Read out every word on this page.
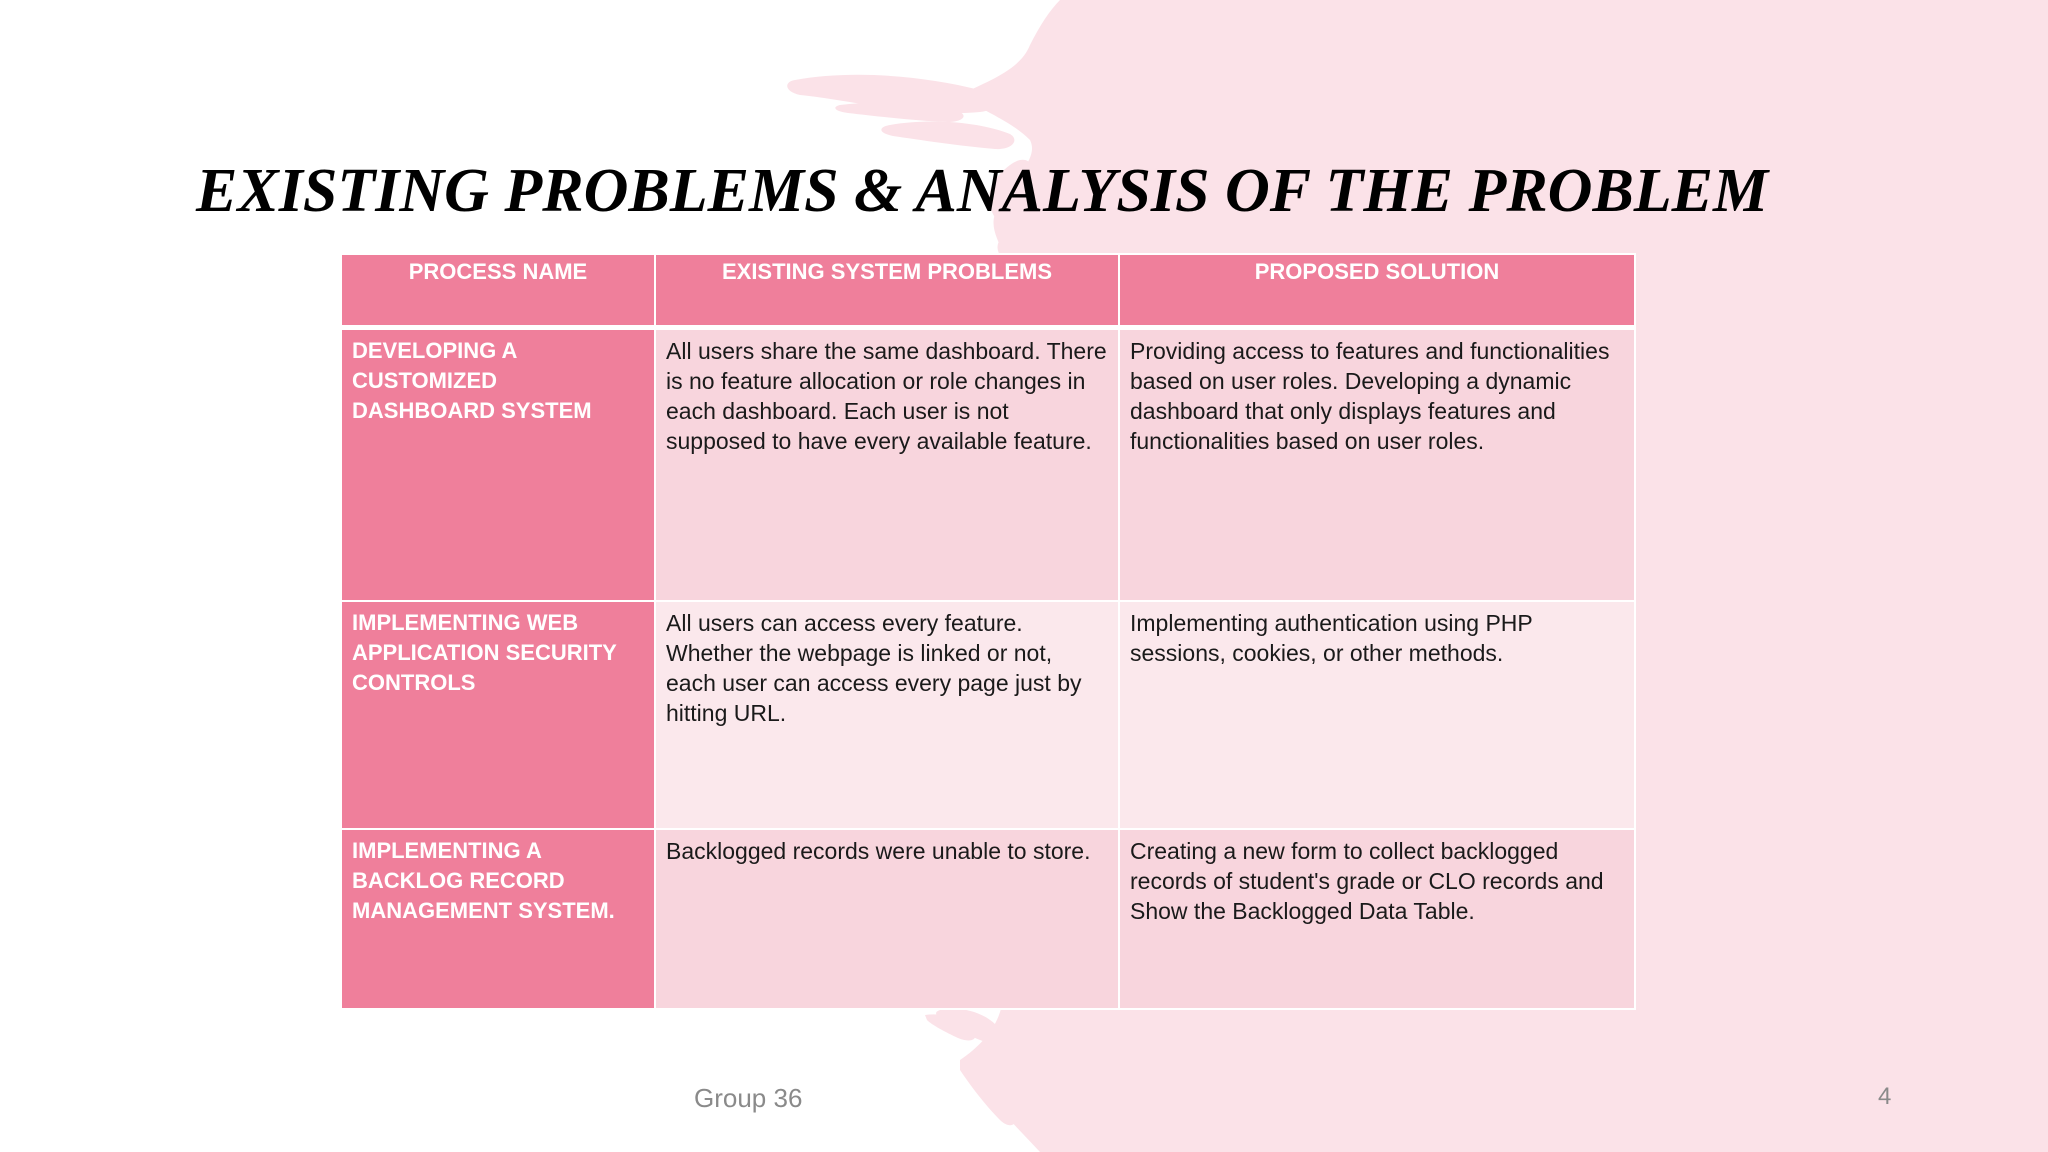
EXISTING PROBLEMS & ANALYSIS OF THE PROBLEM
PROCESS NAME	EXISTING SYSTEM PROBLEMS	PROPOSED SOLUTION
DEVELOPING A CUSTOMIZED DASHBOARD SYSTEM	All users share the same dashboard. There is no feature allocation or role changes in each dashboard. Each user is not supposed to have every available feature.	Providing access to features and functionalities based on user roles. Developing a dynamic dashboard that only displays features and functionalities based on user roles.
IMPLEMENTING WEB APPLICATION SECURITY CONTROLS	All users can access every feature. Whether the webpage is linked or not, each user can access every page just by hitting URL.	Implementing authentication using PHP sessions, cookies, or other methods.
IMPLEMENTING A BACKLOG RECORD MANAGEMENT SYSTEM.	Backlogged records were unable to store.	Creating a new form to collect backlogged records of student's grade or CLO records and Show the Backlogged Data Table.
Group 36	4
